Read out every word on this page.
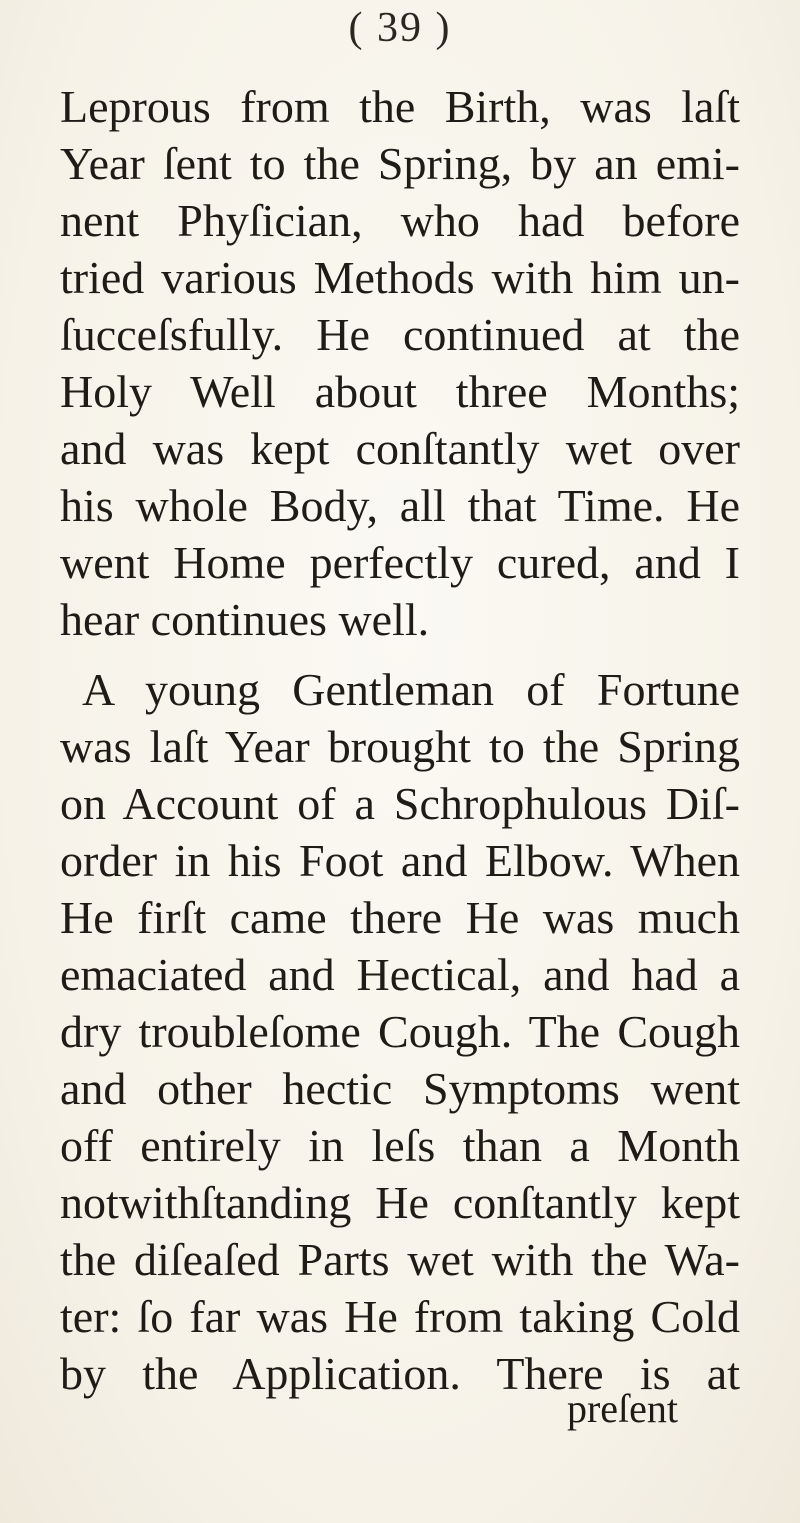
( 39 )
Leprous from the Birth, was laſt
Year ſent to the Spring, by an emi-
nent Phyſician, who had before
tried various Methods with him un-
ſucceſsfully. He continued at the
Holy Well about three Months;
and was kept conſtantly wet over
his whole Body, all that Time. He
went Home perfectly cured, and I
hear continues well.
A young Gentleman of Fortune
was laſt Year brought to the Spring
on Account of a Schrophulous Diſ-
order in his Foot and Elbow. When
He firſt came there He was much
emaciated and Hectical, and had a
dry troubleſome Cough. The Cough
and other hectic Symptoms went
off entirely in leſs than a Month
notwithſtanding He conſtantly kept
the diſeaſed Parts wet with the Wa-
ter: ſo far was He from taking Cold
by the Application. There is at
preſent
